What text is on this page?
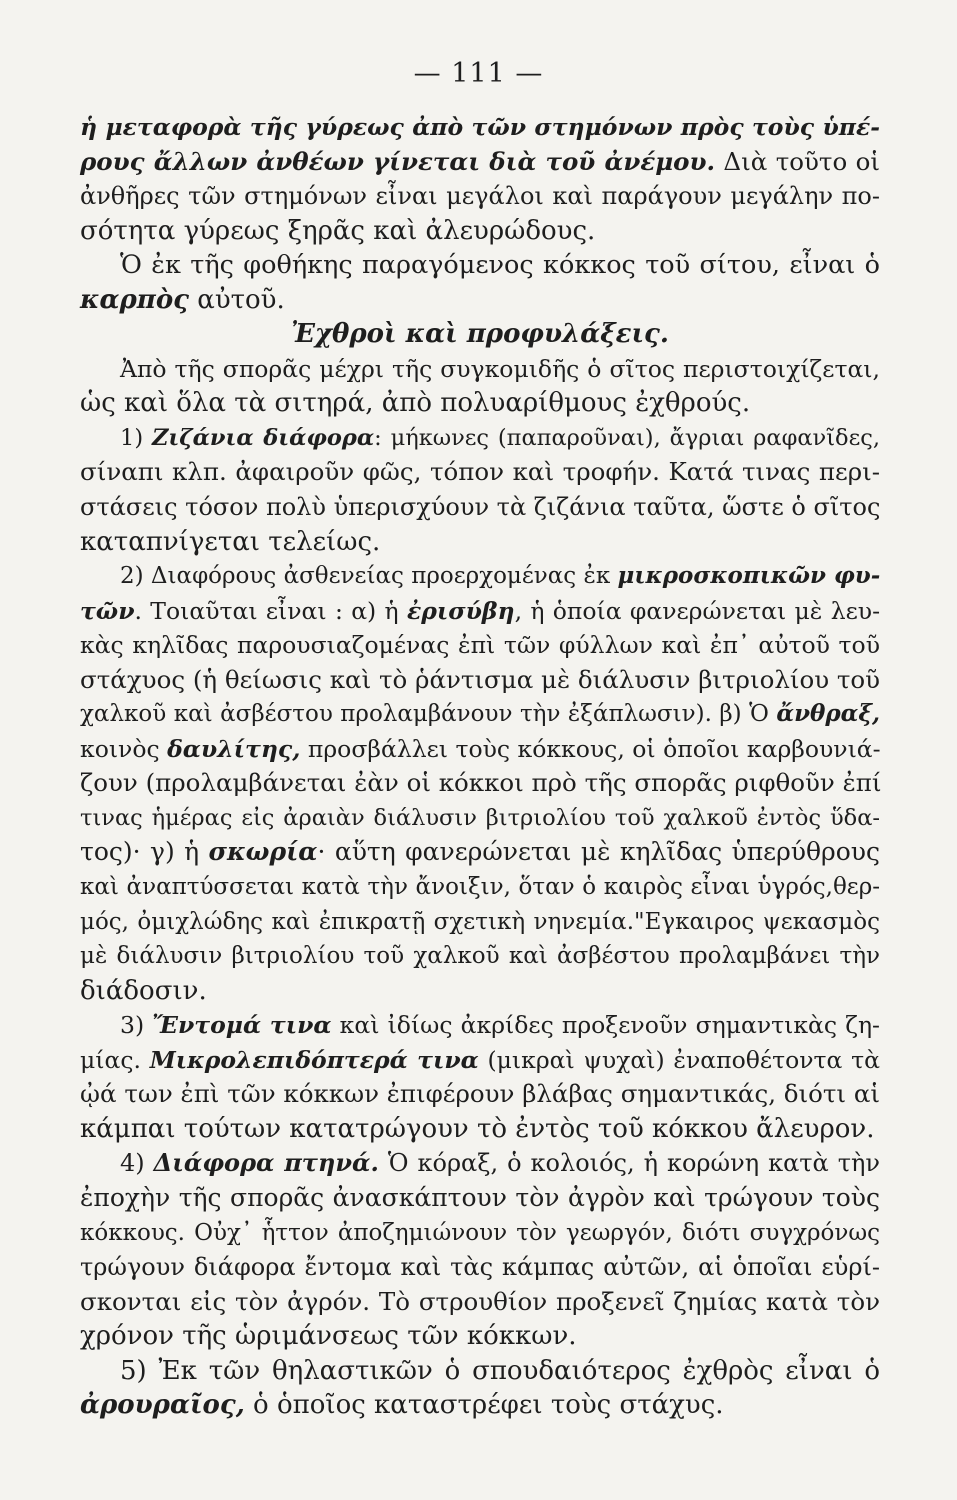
— 111 —
ἡ μεταφορὰ τῆς γύρεως ἀπὸ τῶν στημόνων πρὸς τοὺς ὑπέ-
ρους ἄλλων ἀνθέων γίνεται διὰ τοῦ ἀνέμου. Διὰ τοῦτο οἱ
ἀνθῆρες τῶν στημόνων εἶναι μεγάλοι καὶ παράγουν μεγάλην πο-
σότητα γύρεως ξηρᾶς καὶ ἀλευρώδους.
Ὁ ἐκ τῆς φοθήκης παραγόμενος κόκκος τοῦ σίτου, εἶναι ὁ
καρπὸς αὐτοῦ.
Ἐχθροὶ καὶ προφυλάξεις.
Ἀπὸ τῆς σπορᾶς μέχρι τῆς συγκομιδῆς ὁ σῖτος περιστοιχίζεται,
ὡς καὶ ὅλα τὰ σιτηρά, ἀπὸ πολυαρίθμους ἐχθρούς.
1) Ζιζάνια διάφορα: μήκωνες (παπαροῦναι), ἄγριαι ραφανῖδες,
σίναπι κλπ. ἀφαιροῦν φῶς, τόπον καὶ τροφήν. Κατά τινας περι-
στάσεις τόσον πολὺ ὑπερισχύουν τὰ ζιζάνια ταῦτα, ὥστε ὁ σῖτος
καταπνίγεται τελείως.
2) Διαφόρους ἀσθενείας προερχομένας ἐκ μικροσκοπικῶν φυ-
τῶν. Τοιαῦται εἶναι : α) ἡ ἐρισύβη, ἡ ὁποία φανερώνεται μὲ λευ-
κὰς κηλῖδας παρουσιαζομένας ἐπὶ τῶν φύλλων καὶ ἐπ᾽ αὐτοῦ τοῦ
στάχυος (ἡ θείωσις καὶ τὸ ῥάντισμα μὲ διάλυσιν βιτριολίου τοῦ
χαλκοῦ καὶ ἀσβέστου προλαμβάνουν τὴν ἐξάπλωσιν). β) Ὁ ἄνθραξ,
κοινὸς δαυλίτης, προσβάλλει τοὺς κόκκους, οἱ ὁποῖοι καρβουνιά-
ζουν (προλαμβάνεται ἐὰν οἱ κόκκοι πρὸ τῆς σπορᾶς ριφθοῦν ἐπί
τινας ἡμέρας εἰς ἀραιὰν διάλυσιν βιτριολίου τοῦ χαλκοῦ ἐντὸς ὕδα-
τος)· γ) ἡ σκωρία· αὕτη φανερώνεται μὲ κηλῖδας ὑπερύθρους
καὶ ἀναπτύσσεται κατὰ τὴν ἄνοιξιν, ὅταν ὁ καιρὸς εἶναι ὑγρός,θερ-
μός, ὀμιχλώδης καὶ ἐπικρατῇ σχετικὴ νηνεμία."Εγκαιρος ψεκασμὸς
μὲ διάλυσιν βιτριολίου τοῦ χαλκοῦ καὶ ἀσβέστου προλαμβάνει τὴν
διάδοσιν.
3) Ἔντομά τινα καὶ ἰδίως ἀκρίδες προξενοῦν σημαντικὰς ζη-
μίας. Μικρολεπιδόπτερά τινα (μικραὶ ψυχαὶ) ἐναποθέτοντα τὰ
ᾠά των ἐπὶ τῶν κόκκων ἐπιφέρουν βλάβας σημαντικάς, διότι αἱ
κάμπαι τούτων κατατρώγουν τὸ ἐντὸς τοῦ κόκκου ἄλευρον.
4) Διάφορα πτηνά. Ὁ κόραξ, ὁ κολοιός, ἡ κορώνη κατὰ τὴν
ἐποχὴν τῆς σπορᾶς ἀνασκάπτουν τὸν ἀγρὸν καὶ τρώγουν τοὺς
κόκκους. Οὐχ᾽ ἧττον ἀποζημιώνουν τὸν γεωργόν, διότι συγχρόνως
τρώγουν διάφορα ἔντομα καὶ τὰς κάμπας αὐτῶν, αἱ ὁποῖαι εὑρί-
σκονται εἰς τὸν ἀγρόν. Τὸ στρουθίον προξενεῖ ζημίας κατὰ τὸν
χρόνον τῆς ὡριμάνσεως τῶν κόκκων.
5) Ἐκ τῶν θηλαστικῶν ὁ σπουδαιότερος ἐχθρὸς εἶναι ὁ
ἀρουραῖος, ὁ ὁποῖος καταστρέφει τοὺς στάχυς.
